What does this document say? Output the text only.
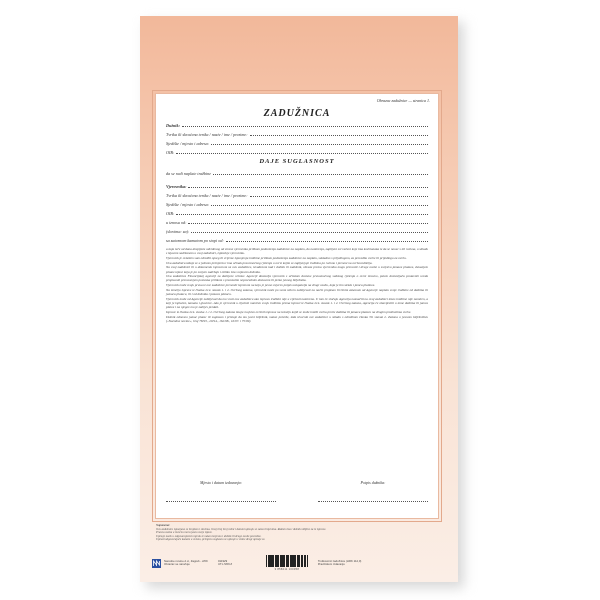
Obrazac zadužnice — stranica 1.
ZADUŽNICA
Dužnik:
Tvrtka ili skraćena tvrtka / naziv / ime / prezime:
Sjedište / mjesto i adresa:
OIB:
DAJE SUGLASNOST
da se radi naplate tražbine
Vjerovnika:
Tvrtka ili skraćena tvrtka / naziv / ime / prezime:
Sjedište / mjesto i adresa:
OIB:
u iznosu od:
(slovima: za):
sa zateznom kamatom po stopi od:

a koja teče od dana dospijeća određenog od strane vjerovnika prilikom podnošenja zadužnice na naplatu, do namirenja, zaplijeni svi računi koje ima kod banaka te da se novac s tih računa, u skladu s izjavom sadržanom u ovoj zadužnici, isplaćuje vjerovniku.

Vjerovnik je ovlašten sam odrediti opseg ili vrijeme ispunjenja tražbine prilikom podnošenja zadužnice na naplatu, sukladno s prijedlogom, za provedbu ovrhe ili prijedlogu za ovrhu.

Ova zadužnica izdaje se u jednom primjerku i ima učinak pravomoćnog rješenja o ovrsi kojim se zapljenjuje tražbina po računu i prenosi na ovrhovoditelja.

Na ovoj zadužnici ili u dokumentu ispravnom uz ovu zadužnicu, izvađenom kad i dužnik ili sudužnik, obveza prema vjerovniku mogu prenositi i druge osobe u svojstvu jamaca plataca, davanjem pisane izjave koja je po svojem sadržaju i obliku ista s izjavom dužnika.

Ova zadužnica Financijskoj agenciji za dužnjene urbota: Agenciji dostavlja vjerovnik s učinkom dostave pravomoćnog sudskog rješenja o ovrsi izravno, putem dostavljača postavnih ureda propisanih prenosenjem postavka prilikom s preostalim neposrednim dostavom ili preko javnog bilježnika.

Vjerovnik može svoju prava iz ove zadužnice prenositi isprenom na koju je javno ovjeren potpis ustupatelja na drugi osobu, koja je tim stekla i jamca platioca.

Na temelju isprave iz članka 214. stavak 1. i 2. Ovršnog zakona, vjerovnik može po svom izboru zahtijevati na način propisan Ovršnim zakonom od Agencije naplatu svoje tražbine od dužnika ili jamaca platacu, ili i od dužnika i jamaca platacu.

Vjerovnik može od Agencije zahtijevati da mu vrati ovu zadužnicu ako ispravu tražbini nije u cijelosti namirena. U tom će slučaju Agencija naznačiti na ovoj zadužnici iznos tražbine nije namiren, a koji je isplaćen, kamata i glavnice. Ako je vjerovnik u cijelosti namiren svoju tražbinu prema ispravi iz članka 214. stavak 1. i 2. Ovršnog zakona, Agencija će obavijestiti o tome dužnika ili jamca platca i na njegov mu je zahtjev predati.

Isprave iz članka 214. stavka 1. i 2. Ovršnog zakona imaju svojstvo ovršnih isprava na temelju kojih se može tražiti ovrha protiv dužnika ili jamaca platacu na drugim predmetima ovrhe.

Dužnik odnosno jamac platac ili suglasan i pristaje da mu javni bilježnik, nakon potvrde, izda izvornik ove zadužnice u skladu s odredbom članka 30. stavak 2. Zakona o javnom bilježništvu (»Narodne novine«, broj 78/93., 29/94., 162/98., 16/07. i 75/09).

Mjesto i datum izdavanja:	Potpis dužnika:
Napomena:
Ovu zadužnicu ispunjava se brojkom i slovima. Ovaj broj broj redni i datumi upisuju se samo brojevima. Radom ima i dužnik vidljivo za te isprave.
Pravna osoba u izvornu mora jasno svoje izjave.
Upisuje naziv u odgovarajućem mjestu te nakon izvjesno i dužnik ili druge osobe posredne.
Upisati odgovarajuće kamate u ovisno, primjeno suglasno se upisuje u visine drugi upisuje se.
Narodne novine d.d., Zagreb - 2/09
Obrazac se naručuje
011929
UT-I-5/09 Z
3 856011 100058
Troškovnici zadužnice (HRK 112,0)
Pravilnikom izdavanju
